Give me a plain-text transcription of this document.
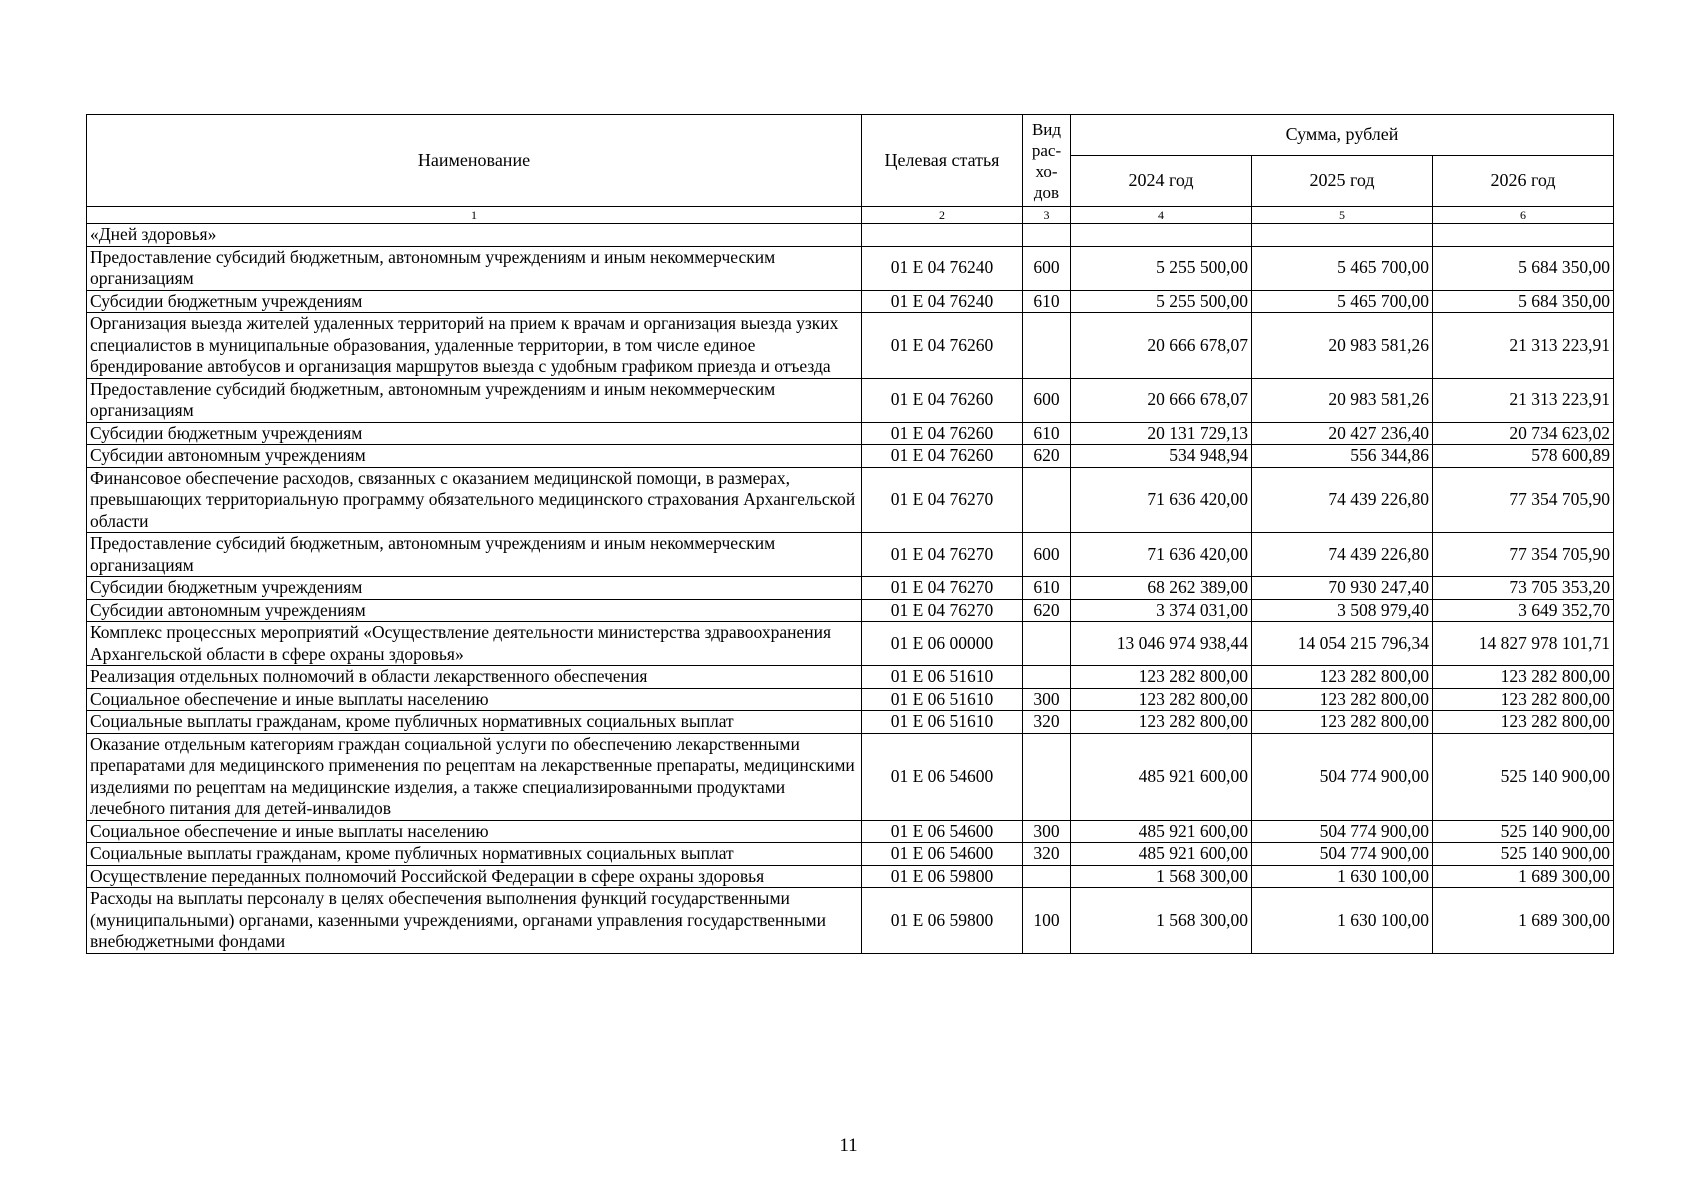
Наименование	Целевая статья	Вид рас-хо-дов	Сумма, рублей		
			2024 год	2025 год	2026 год
1	2	3	4	5	6
«Дней здоровья»					
Предоставление субсидий бюджетным, автономным учреждениям и иным некоммерческим организациям	01 Е 04 76240	600	5 255 500,00	5 465 700,00	5 684 350,00
Субсидии бюджетным учреждениям	01 Е 04 76240	610	5 255 500,00	5 465 700,00	5 684 350,00
Организация выезда жителей удаленных территорий на прием к врачам и организация выезда узких специалистов в муниципальные образования, удаленные территории, в том числе единое брендирование автобусов и организация маршрутов выезда с удобным графиком приезда и отъезда	01 Е 04 76260		20 666 678,07	20 983 581,26	21 313 223,91
Предоставление субсидий бюджетным, автономным учреждениям и иным некоммерческим организациям	01 Е 04 76260	600	20 666 678,07	20 983 581,26	21 313 223,91
Субсидии бюджетным учреждениям	01 Е 04 76260	610	20 131 729,13	20 427 236,40	20 734 623,02
Субсидии автономным учреждениям	01 Е 04 76260	620	534 948,94	556 344,86	578 600,89
Финансовое обеспечение расходов, связанных с оказанием медицинской помощи, в размерах, превышающих территориальную программу обязательного медицинского страхования Архангельской области	01 Е 04 76270		71 636 420,00	74 439 226,80	77 354 705,90
Предоставление субсидий бюджетным, автономным учреждениям и иным некоммерческим организациям	01 Е 04 76270	600	71 636 420,00	74 439 226,80	77 354 705,90
Субсидии бюджетным учреждениям	01 Е 04 76270	610	68 262 389,00	70 930 247,40	73 705 353,20
Субсидии автономным учреждениям	01 Е 04 76270	620	3 374 031,00	3 508 979,40	3 649 352,70
Комплекс процессных мероприятий «Осуществление деятельности министерства здравоохранения Архангельской области в сфере охраны здоровья»	01 Е 06 00000		13 046 974 938,44	14 054 215 796,34	14 827 978 101,71
Реализация отдельных полномочий в области лекарственного обеспечения	01 Е 06 51610		123 282 800,00	123 282 800,00	123 282 800,00
Социальное обеспечение и иные выплаты населению	01 Е 06 51610	300	123 282 800,00	123 282 800,00	123 282 800,00
Социальные выплаты гражданам, кроме публичных нормативных социальных выплат	01 Е 06 51610	320	123 282 800,00	123 282 800,00	123 282 800,00
Оказание отдельным категориям граждан социальной услуги по обеспечению лекарственными препаратами для медицинского применения по рецептам на лекарственные препараты, медицинскими изделиями по рецептам на медицинские изделия, а также специализированными продуктами лечебного питания для детей-инвалидов	01 Е 06 54600		485 921 600,00	504 774 900,00	525 140 900,00
Социальное обеспечение и иные выплаты населению	01 Е 06 54600	300	485 921 600,00	504 774 900,00	525 140 900,00
Социальные выплаты гражданам, кроме публичных нормативных социальных выплат	01 Е 06 54600	320	485 921 600,00	504 774 900,00	525 140 900,00
Осуществление переданных полномочий Российской Федерации в сфере охраны здоровья	01 Е 06 59800		1 568 300,00	1 630 100,00	1 689 300,00
Расходы на выплаты персоналу в целях обеспечения выполнения функций государственными (муниципальными) органами, казенными учреждениями, органами управления государственными внебюджетными фондами	01 Е 06 59800	100	1 568 300,00	1 630 100,00	1 689 300,00
11
